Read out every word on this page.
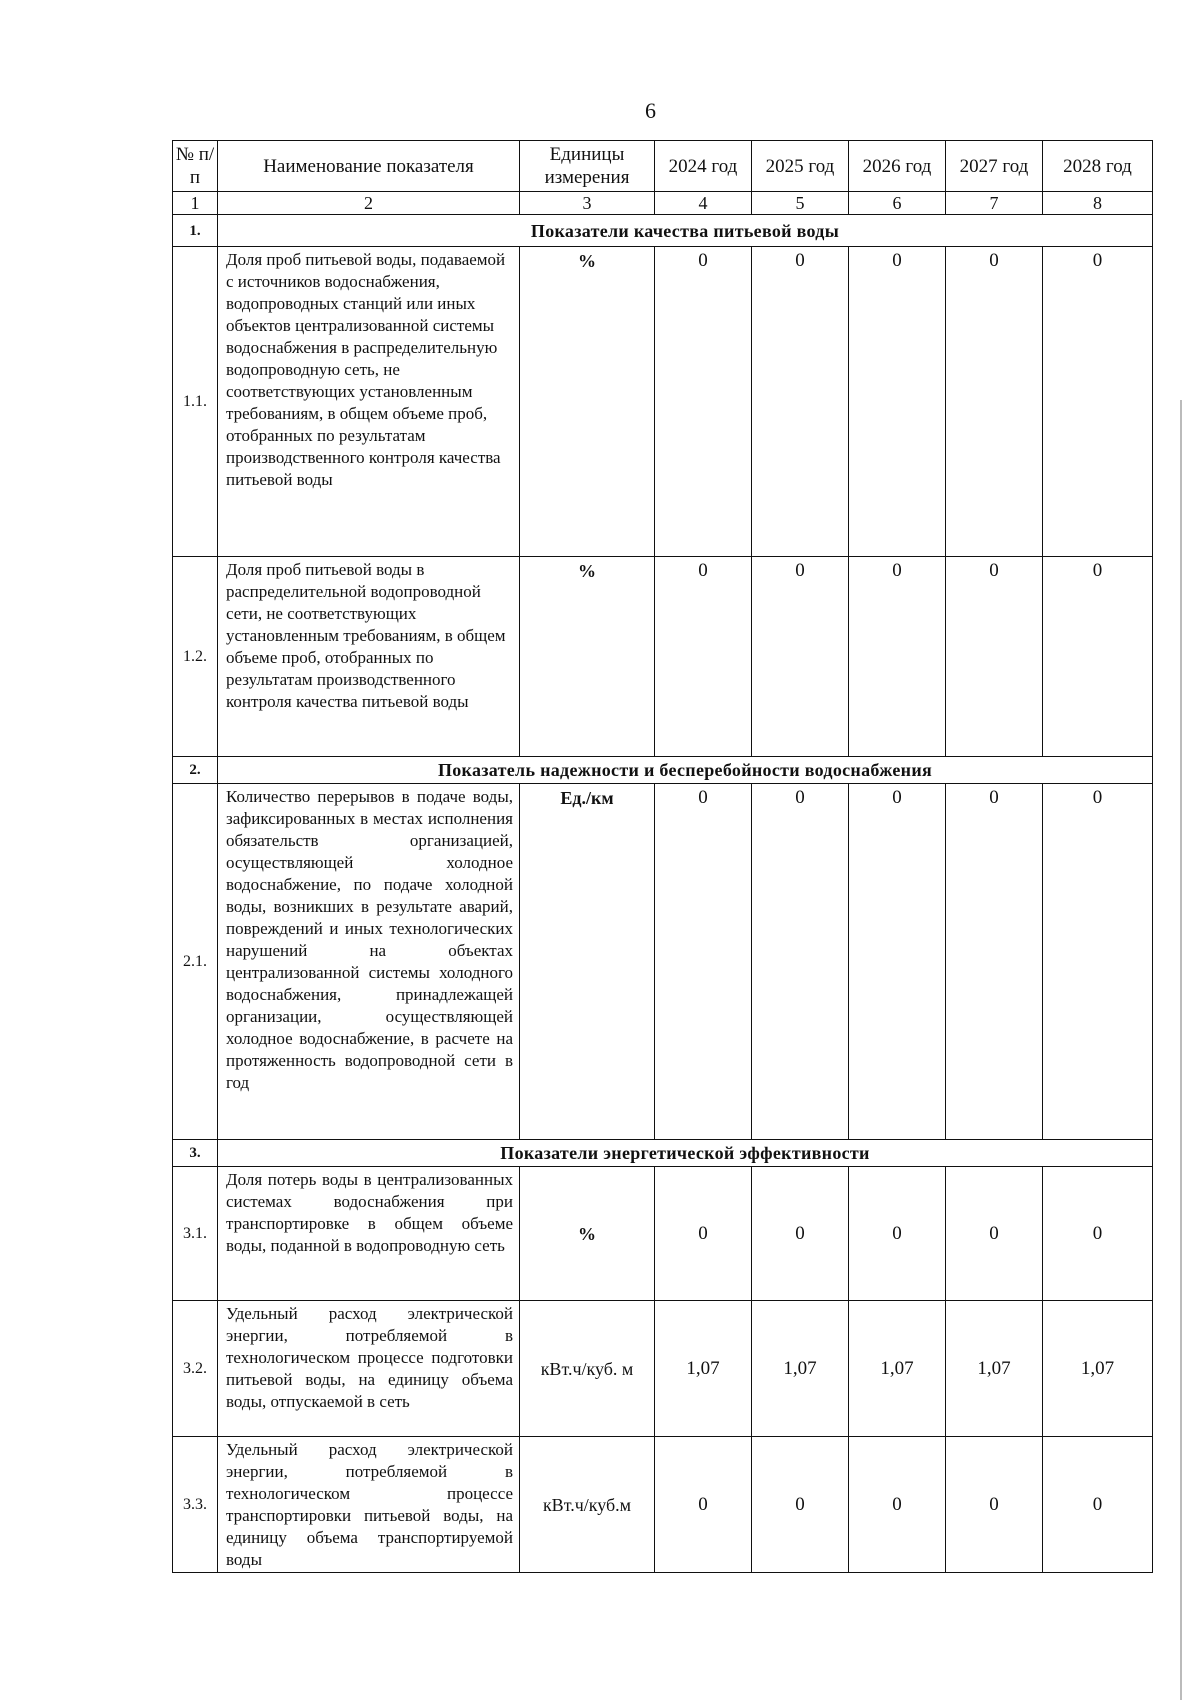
6
№ п/п	Наименование показателя	Единицы измерения	2024 год	2025 год	2026 год	2027 год	2028 год
1	2	3	4	5	6	7	8
1.	Показатели качества питьевой воды						
1.1.	Доля проб питьевой воды, подаваемой с источников водоснабжения, водопроводных станций или иных объектов централизованной системы водоснабжения в распределительную водопроводную сеть, не соответствующих установленным требованиям, в общем объеме проб, отобранных по результатам производственного контроля качества питьевой воды	%	0	0	0	0	0
1.2.	Доля проб питьевой воды в распределительной водопроводной сети, не соответствующих установленным требованиям, в общем объеме проб, отобранных по результатам производственного контроля качества питьевой воды	%	0	0	0	0	0
2.	Показатель надежности и бесперебойности водоснабжения						
2.1.	Количество перерывов в подаче воды, зафиксированных в местах исполнения обязательств организацией, осуществляющей холодное водоснабжение, по подаче холодной воды, возникших в результате аварий, повреждений и иных технологических нарушений на объектах централизованной системы холодного водоснабжения, принадлежащей организации, осуществляющей холодное водоснабжение, в расчете на протяженность водопроводной сети в год	Ед./км	0	0	0	0	0
3.	Показатели энергетической эффективности						
3.1.	Доля потерь воды в централизованных системах водоснабжения при транспортировке в общем объеме воды, поданной в водопроводную сеть	%	0	0	0	0	0
3.2.	Удельный расход электрической энергии, потребляемой в технологическом процессе подготовки питьевой воды, на единицу объема воды, отпускаемой в сеть	кВт.ч/куб. м	1,07	1,07	1,07	1,07	1,07
3.3.	Удельный расход электрической энергии, потребляемой в технологическом процессе транспортировки питьевой воды, на единицу объема транспортируемой воды	кВт.ч/куб.м	0	0	0	0	0
